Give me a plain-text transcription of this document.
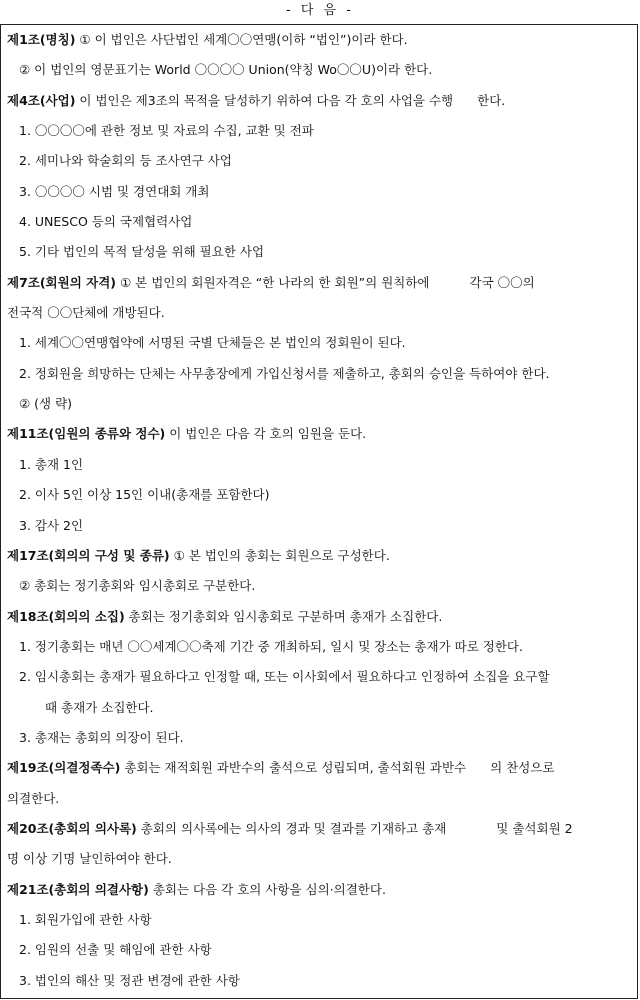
- 다 음 -
제1조(명칭) ① 이 법인은 사단법인 세계〇〇연맹(이하 “법인”)이라 한다.
② 이 법인의 영문표기는 World 〇〇〇〇 Union(약칭 Wo〇〇U)이라 한다.
제4조(사업) 이 법인은 제3조의 목적을 달성하기 위하여 다음 각 호의 사업을 수행 한다.
1. 〇〇〇〇에 관한 정보 및 자료의 수집, 교환 및 전파
2. 세미나와 학술회의 등 조사연구 사업
3. 〇〇〇〇 시범 및 경연대회 개최
4. UNESCO 등의 국제협력사업
5. 기타 법인의 목적 달성을 위해 필요한 사업
제7조(회원의 자격) ① 본 법인의 회원자격은 “한 나라의 한 회원”의 원칙하에	각국 〇〇의
전국적 〇〇단체에 개방된다.
1. 세계〇〇연맹협약에 서명된 국별 단체들은 본 법인의 정회원이 된다.
2. 정회원을 희망하는 단체는 사무총장에게 가입신청서를 제출하고, 총회의 승인을 득하여야 한다.
② (생 략)
제11조(임원의 종류와 정수) 이 법인은 다음 각 호의 임원을 둔다.
1. 총재 1인
2. 이사 5인 이상 15인 이내(총재를 포함한다)
3. 감사 2인
제17조(회의의 구성 및 종류) ① 본 법인의 총회는 회원으로 구성한다.
② 총회는 정기총회와 임시총회로 구분한다.
제18조(회의의 소집) 총회는 정기총회와 임시총회로 구분하며 총재가 소집한다.
1. 정기총회는 매년 〇〇세계〇〇축제 기간 중 개최하되, 일시 및 장소는 총재가 따로 정한다.
2. 임시총회는 총재가 필요하다고 인정할 때, 또는 이사회에서 필요하다고 인정하여 소집을 요구할
때 총재가 소집한다.
3. 총재는 총회의 의장이 된다.
제19조(의결정족수) 총회는 재적회원 과반수의 출석으로 성립되며, 출석회원 과반수 의 찬성으로
의결한다.
제20조(총회의 의사록) 총회의 의사록에는 의사의 경과 및 결과를 기재하고 총재	및 출석회원 2
명 이상 기명 날인하여야 한다.
제21조(총회의 의결사항) 총회는 다음 각 호의 사항을 심의·의결한다.
1. 회원가입에 관한 사항
2. 임원의 선출 및 해임에 관한 사항
3. 법인의 해산 및 정관 변경에 관한 사항
